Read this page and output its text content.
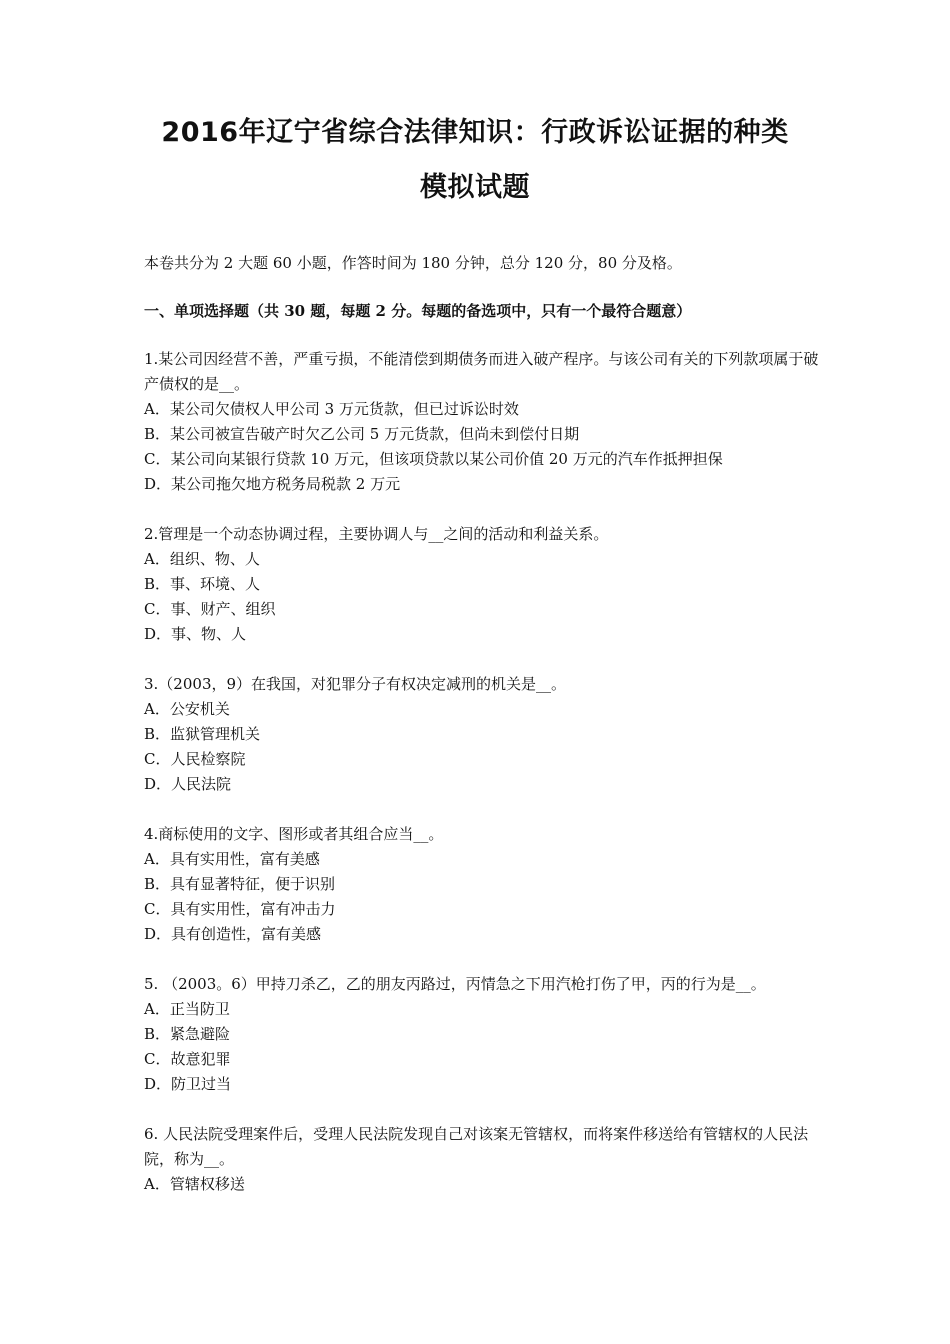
2016年辽宁省综合法律知识：行政诉讼证据的种类
模拟试题

本卷共分为 2 大题 60 小题，作答时间为 180 分钟，总分 120 分，80 分及格。

一、单项选择题（共 30 题，每题 2 分。每题的备选项中，只有一个最符合题意）

1.某公司因经营不善，严重亏损，不能清偿到期债务而进入破产程序。与该公司有关的下列款项属于破产债权的是__。

A．某公司欠债权人甲公司 3 万元货款，但已过诉讼时效
B．某公司被宣告破产时欠乙公司 5 万元货款，但尚未到偿付日期
C．某公司向某银行贷款 10 万元，但该项贷款以某公司价值 20 万元的汽车作抵押担保
D．某公司拖欠地方税务局税款 2 万元

2.管理是一个动态协调过程，主要协调人与__之间的活动和利益关系。

A．组织、物、人
B．事、环境、人
C．事、财产、组织
D．事、物、人

3.（2003，9）在我国，对犯罪分子有权决定减刑的机关是__。

A．公安机关
B．监狱管理机关
C．人民检察院
D．人民法院

4.商标使用的文字、图形或者其组合应当__。

A．具有实用性，富有美感
B．具有显著特征，便于识别
C．具有实用性，富有冲击力
D．具有创造性，富有美感

5. （2003。6）甲持刀杀乙，乙的朋友丙路过，丙情急之下用汽枪打伤了甲，丙的行为是__。

A．正当防卫
B．紧急避险
C．故意犯罪
D．防卫过当

6. 人民法院受理案件后，受理人民法院发现自己对该案无管辖权，而将案件移送给有管辖权的人民法院，称为__。

A．管辖权移送
